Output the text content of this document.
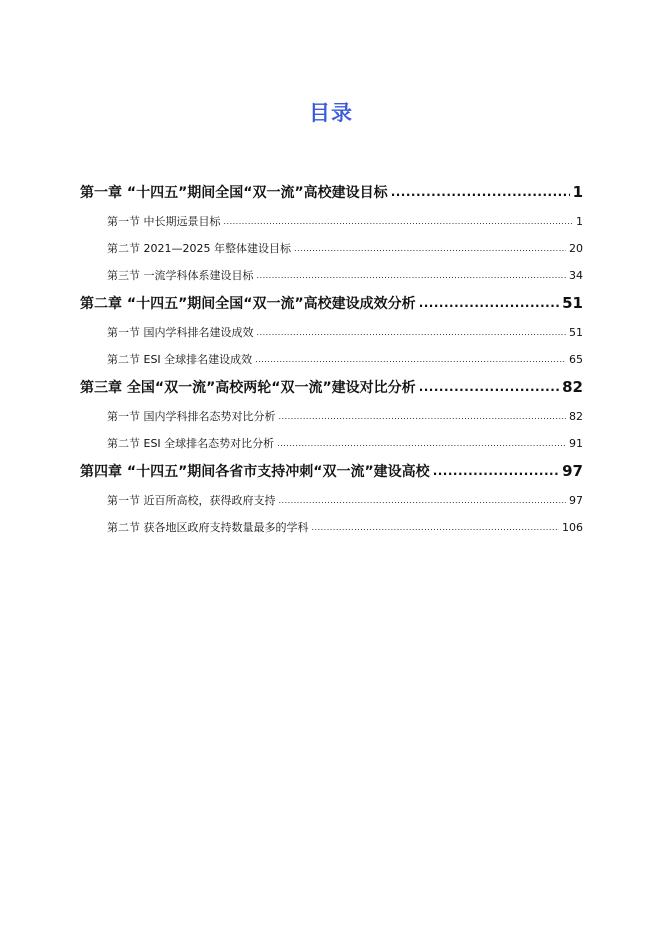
目录
第一章 “十四五”期间全国“双一流”高校建设目标 .....	1
第一节 中长期远景目标 .....	1
第二节 2021—2025 年整体建设目标 .....	20
第三节 一流学科体系建设目标 .....	34
第二章 “十四五”期间全国“双一流”高校建设成效分析 .....	51
第一节 国内学科排名建设成效 .....	51
第二节 ESI 全球排名建设成效 .....	65
第三章 全国“双一流”高校两轮“双一流”建设对比分析 .....	82
第一节 国内学科排名态势对比分析 .....	82
第二节 ESI 全球排名态势对比分析 .....	91
第四章 “十四五”期间各省市支持冲刺“双一流”建设高校 .....	97
第一节 近百所高校，获得政府支持 .....	97
第二节 获各地区政府支持数量最多的学科 .....	106
